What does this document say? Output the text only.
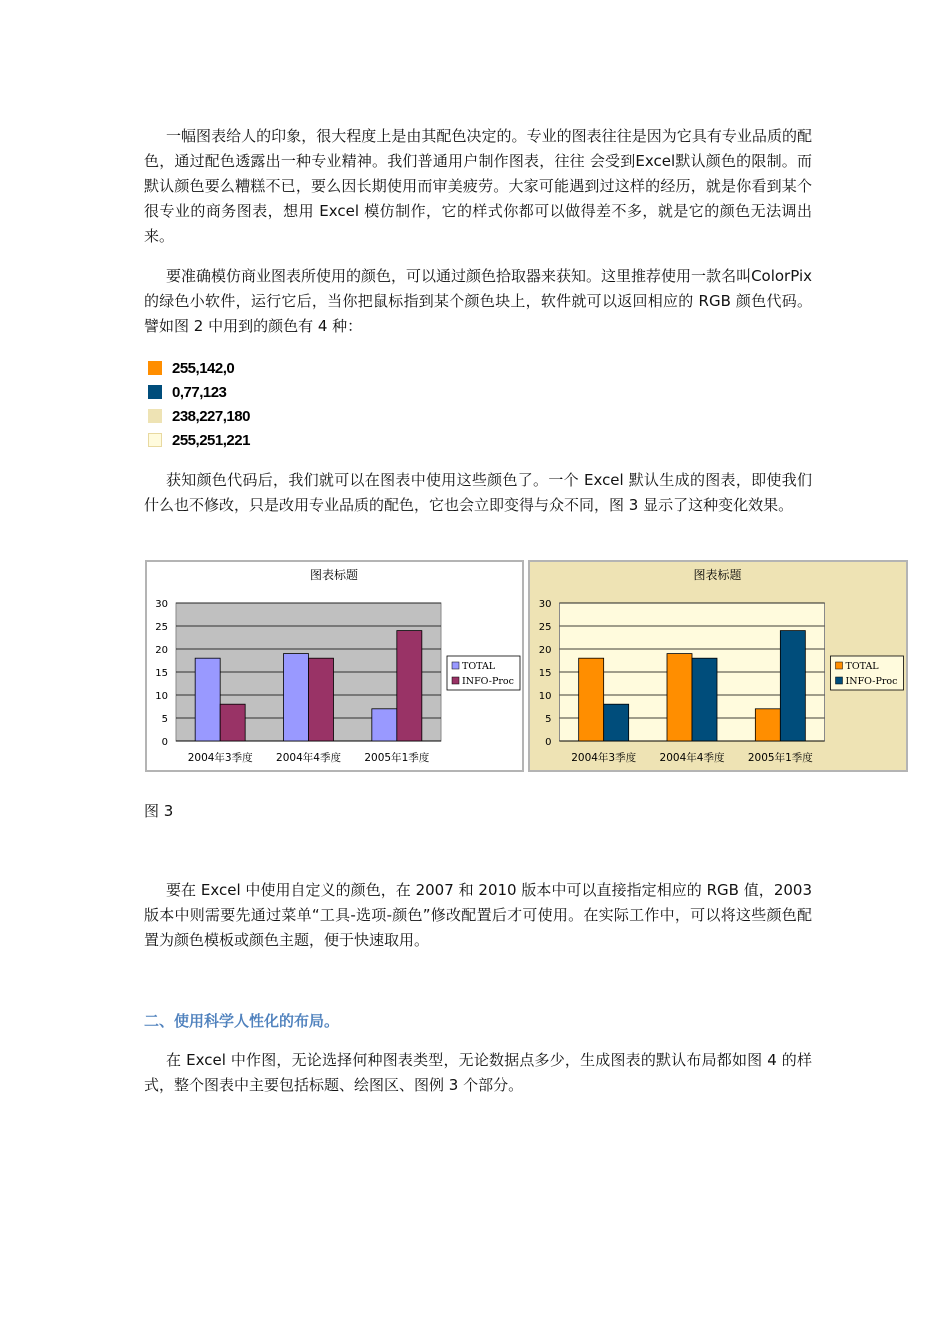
一幅图表给人的印象，很大程度上是由其配色决定的。专业的图表往往是因为它具有专业品质的配色，通过配色透露出一种专业精神。我们普通用户制作图表，往往 会受到Excel默认颜色的限制。而默认颜色要么糟糕不已，要么因长期使用而审美疲劳。大家可能遇到过这样的经历，就是你看到某个很专业的商务图表，想用 Excel 模仿制作，它的样式你都可以做得差不多，就是它的颜色无法调出来。

要准确模仿商业图表所使用的颜色，可以通过颜色拾取器来获知。这里推荐使用一款名叫ColorPix 的绿色小软件，运行它后，当你把鼠标指到某个颜色块上，软件就可以返回相应的 RGB 颜色代码。譬如图 2 中用到的颜色有 4 种：

255,142,0
0,77,123
238,227,180
255,251,221

获知颜色代码后，我们就可以在图表中使用这些颜色了。一个 Excel 默认生成的图表，即使我们什么也不修改，只是改用专业品质的配色，它也会立即变得与众不同，图 3 显示了这种变化效果。

图表标题
0
5
10
15
20
25
30
2004年3季度 2004年4季度 2005年1季度
TOTAL
INFO-Proc
图表标题
0
5
10
15
20
25
30
2004年3季度 2004年4季度 2005年1季度
TOTAL
INFO-Proc

图 3

要在 Excel 中使用自定义的颜色，在 2007 和 2010 版本中可以直接指定相应的 RGB 值，2003 版本中则需要先通过菜单“工具-选项-颜色”修改配置后才可使用。在实际工作中，可以将这些颜色配置为颜色模板或颜色主题，便于快速取用。

二、使用科学人性化的布局。

在 Excel 中作图，无论选择何种图表类型，无论数据点多少，生成图表的默认布局都如图 4 的样式，整个图表中主要包括标题、绘图区、图例 3 个部分。
